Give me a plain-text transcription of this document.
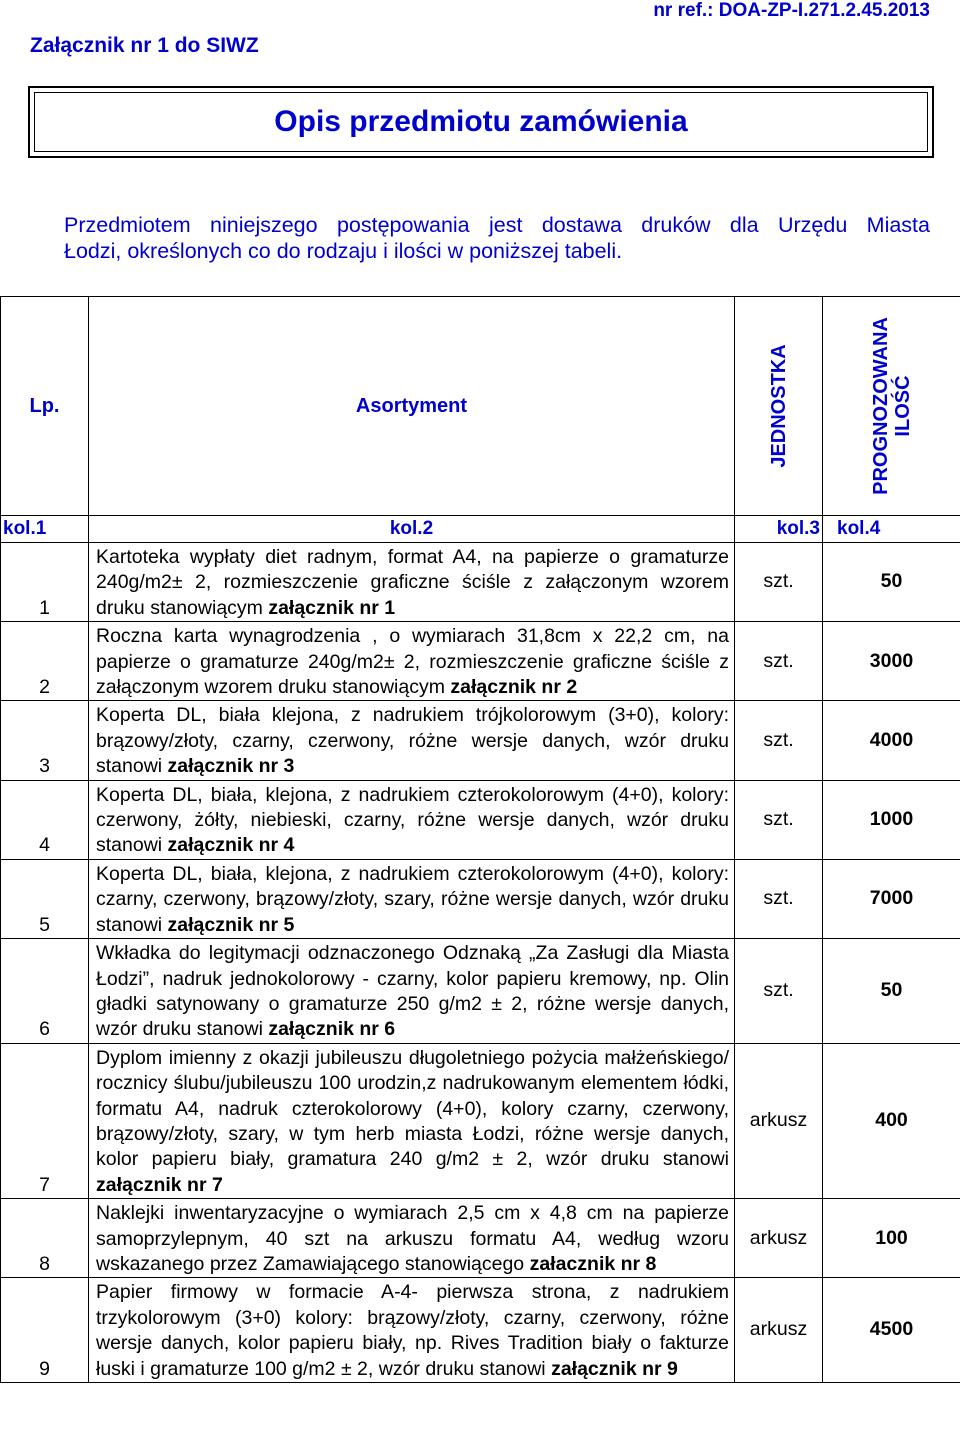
Załącznik nr 1 do SIWZ
nr ref.: DOA-ZP-I.271.2.45.2013
Opis przedmiotu zamówienia
Przedmiotem niniejszego postępowania jest dostawa druków dla Urzędu Miasta
Łodzi, określonych co do rodzaju i ilości w poniższej tabeli.
Lp.	Asortyment	JEDNOSTKA	PROGNOZOWANA ILOŚĆ

kol.1	kol.2	kol.3	kol.4
1	Kartoteka wypłaty diet radnym, format A4, na papierze o gramaturze 240g/m2± 2, rozmieszczenie graficzne ściśle z załączonym wzorem druku stanowiącym załącznik nr 1	szt.	50
2	Roczna karta wynagrodzenia , o wymiarach 31,8cm x 22,2 cm, na papierze o gramaturze 240g/m2± 2, rozmieszczenie graficzne ściśle z załączonym wzorem druku stanowiącym załącznik nr 2	szt.	3000
3	Koperta DL, biała klejona, z nadrukiem trójkolorowym (3+0), kolory: brązowy/złoty, czarny, czerwony, różne wersje danych, wzór druku stanowi załącznik nr 3	szt.	4000
4	Koperta DL, biała, klejona, z nadrukiem czterokolorowym (4+0), kolory: czerwony, żółty, niebieski, czarny, różne wersje danych, wzór druku stanowi załącznik nr 4	szt.	1000
5	Koperta DL, biała, klejona, z nadrukiem czterokolorowym (4+0), kolory: czarny, czerwony, brązowy/złoty, szary, różne wersje danych, wzór druku stanowi załącznik nr 5	szt.	7000
6	Wkładka do legitymacji odznaczonego Odznaką „Za Zasługi dla Miasta Łodzi”, nadruk jednokolorowy - czarny, kolor papieru kremowy, np. Olin gładki satynowany o gramaturze 250 g/m2 ± 2, różne wersje danych, wzór druku stanowi załącznik nr 6	szt.	50
7	Dyplom imienny z okazji jubileuszu długoletniego pożycia małżeńskiego/ rocznicy ślubu/jubileuszu 100 urodzin,z nadrukowanym elementem łódki, formatu A4, nadruk czterokolorowy (4+0), kolory czarny, czerwony, brązowy/złoty, szary, w tym herb miasta Łodzi, różne wersje danych, kolor papieru biały, gramatura 240 g/m2 ± 2, wzór druku stanowi załącznik nr 7	arkusz	400
8	Naklejki inwentaryzacyjne o wymiarach 2,5 cm x 4,8 cm na papierze samoprzylepnym, 40 szt na arkuszu formatu A4, według wzoru wskazanego przez Zamawiającego stanowiącego załacznik nr 8	arkusz	100
9	Papier firmowy w formacie A-4- pierwsza strona, z nadrukiem trzykolorowym (3+0) kolory: brązowy/złoty, czarny, czerwony, różne wersje danych, kolor papieru biały, np. Rives Tradition biały o fakturze łuski i gramaturze 100 g/m2 ± 2, wzór druku stanowi załącznik nr 9	arkusz	4500
